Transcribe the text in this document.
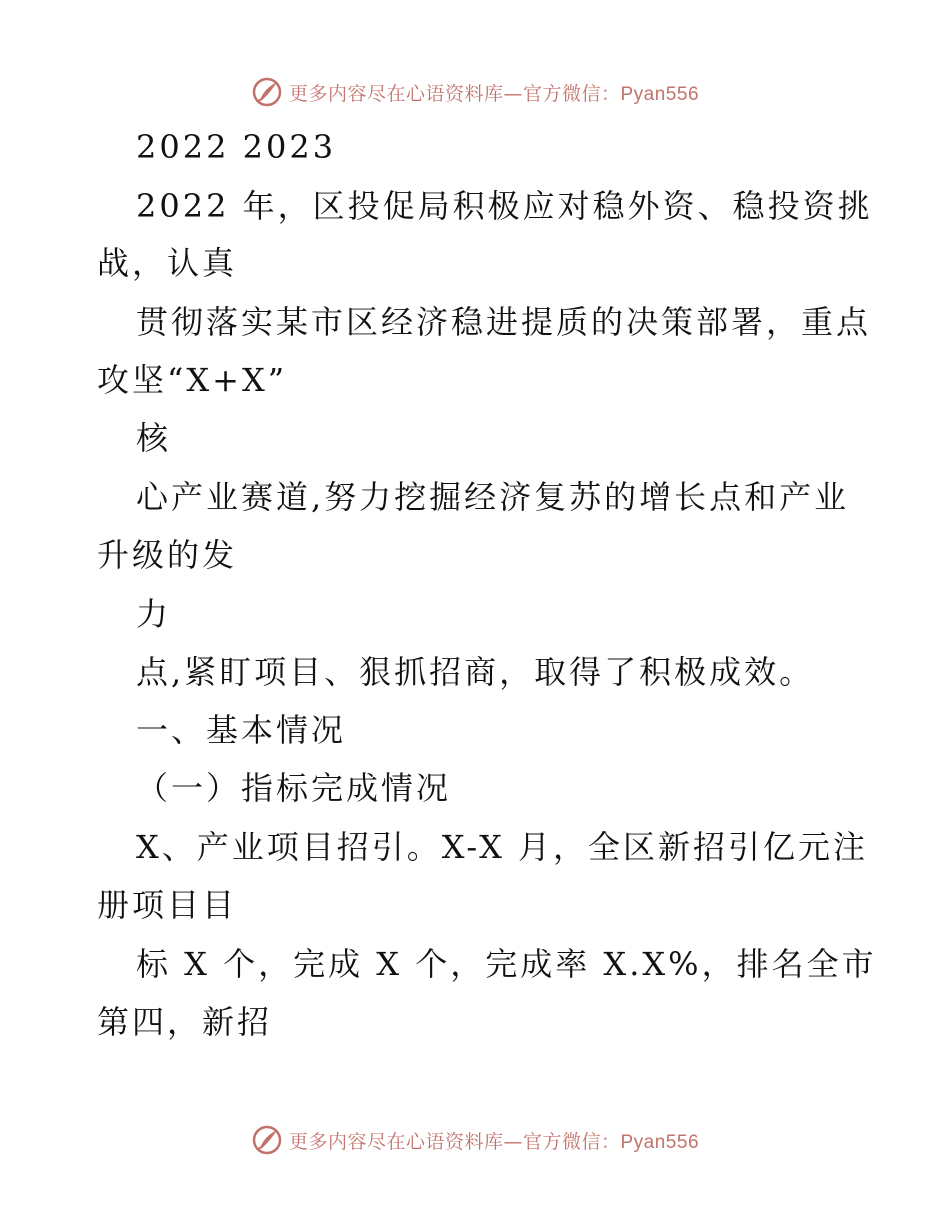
更多内容尽在心语资料库—官方微信：Pyan556
2022 2023
2022 年，区投促局积极应对稳外资、稳投资挑
战，认真
贯彻落实某市区经济稳进提质的决策部署，重点
攻坚“X+X”
核
心产业赛道,努力挖掘经济复苏的增长点和产业
升级的发
力
点,紧盯项目、狠抓招商，取得了积极成效。
一、基本情况
（一）指标完成情况
X、产业项目招引。X-X 月，全区新招引亿元注
册项目目
标 X 个，完成 X 个，完成率 X.X%，排名全市
第四，新招
更多内容尽在心语资料库—官方微信：Pyan556
